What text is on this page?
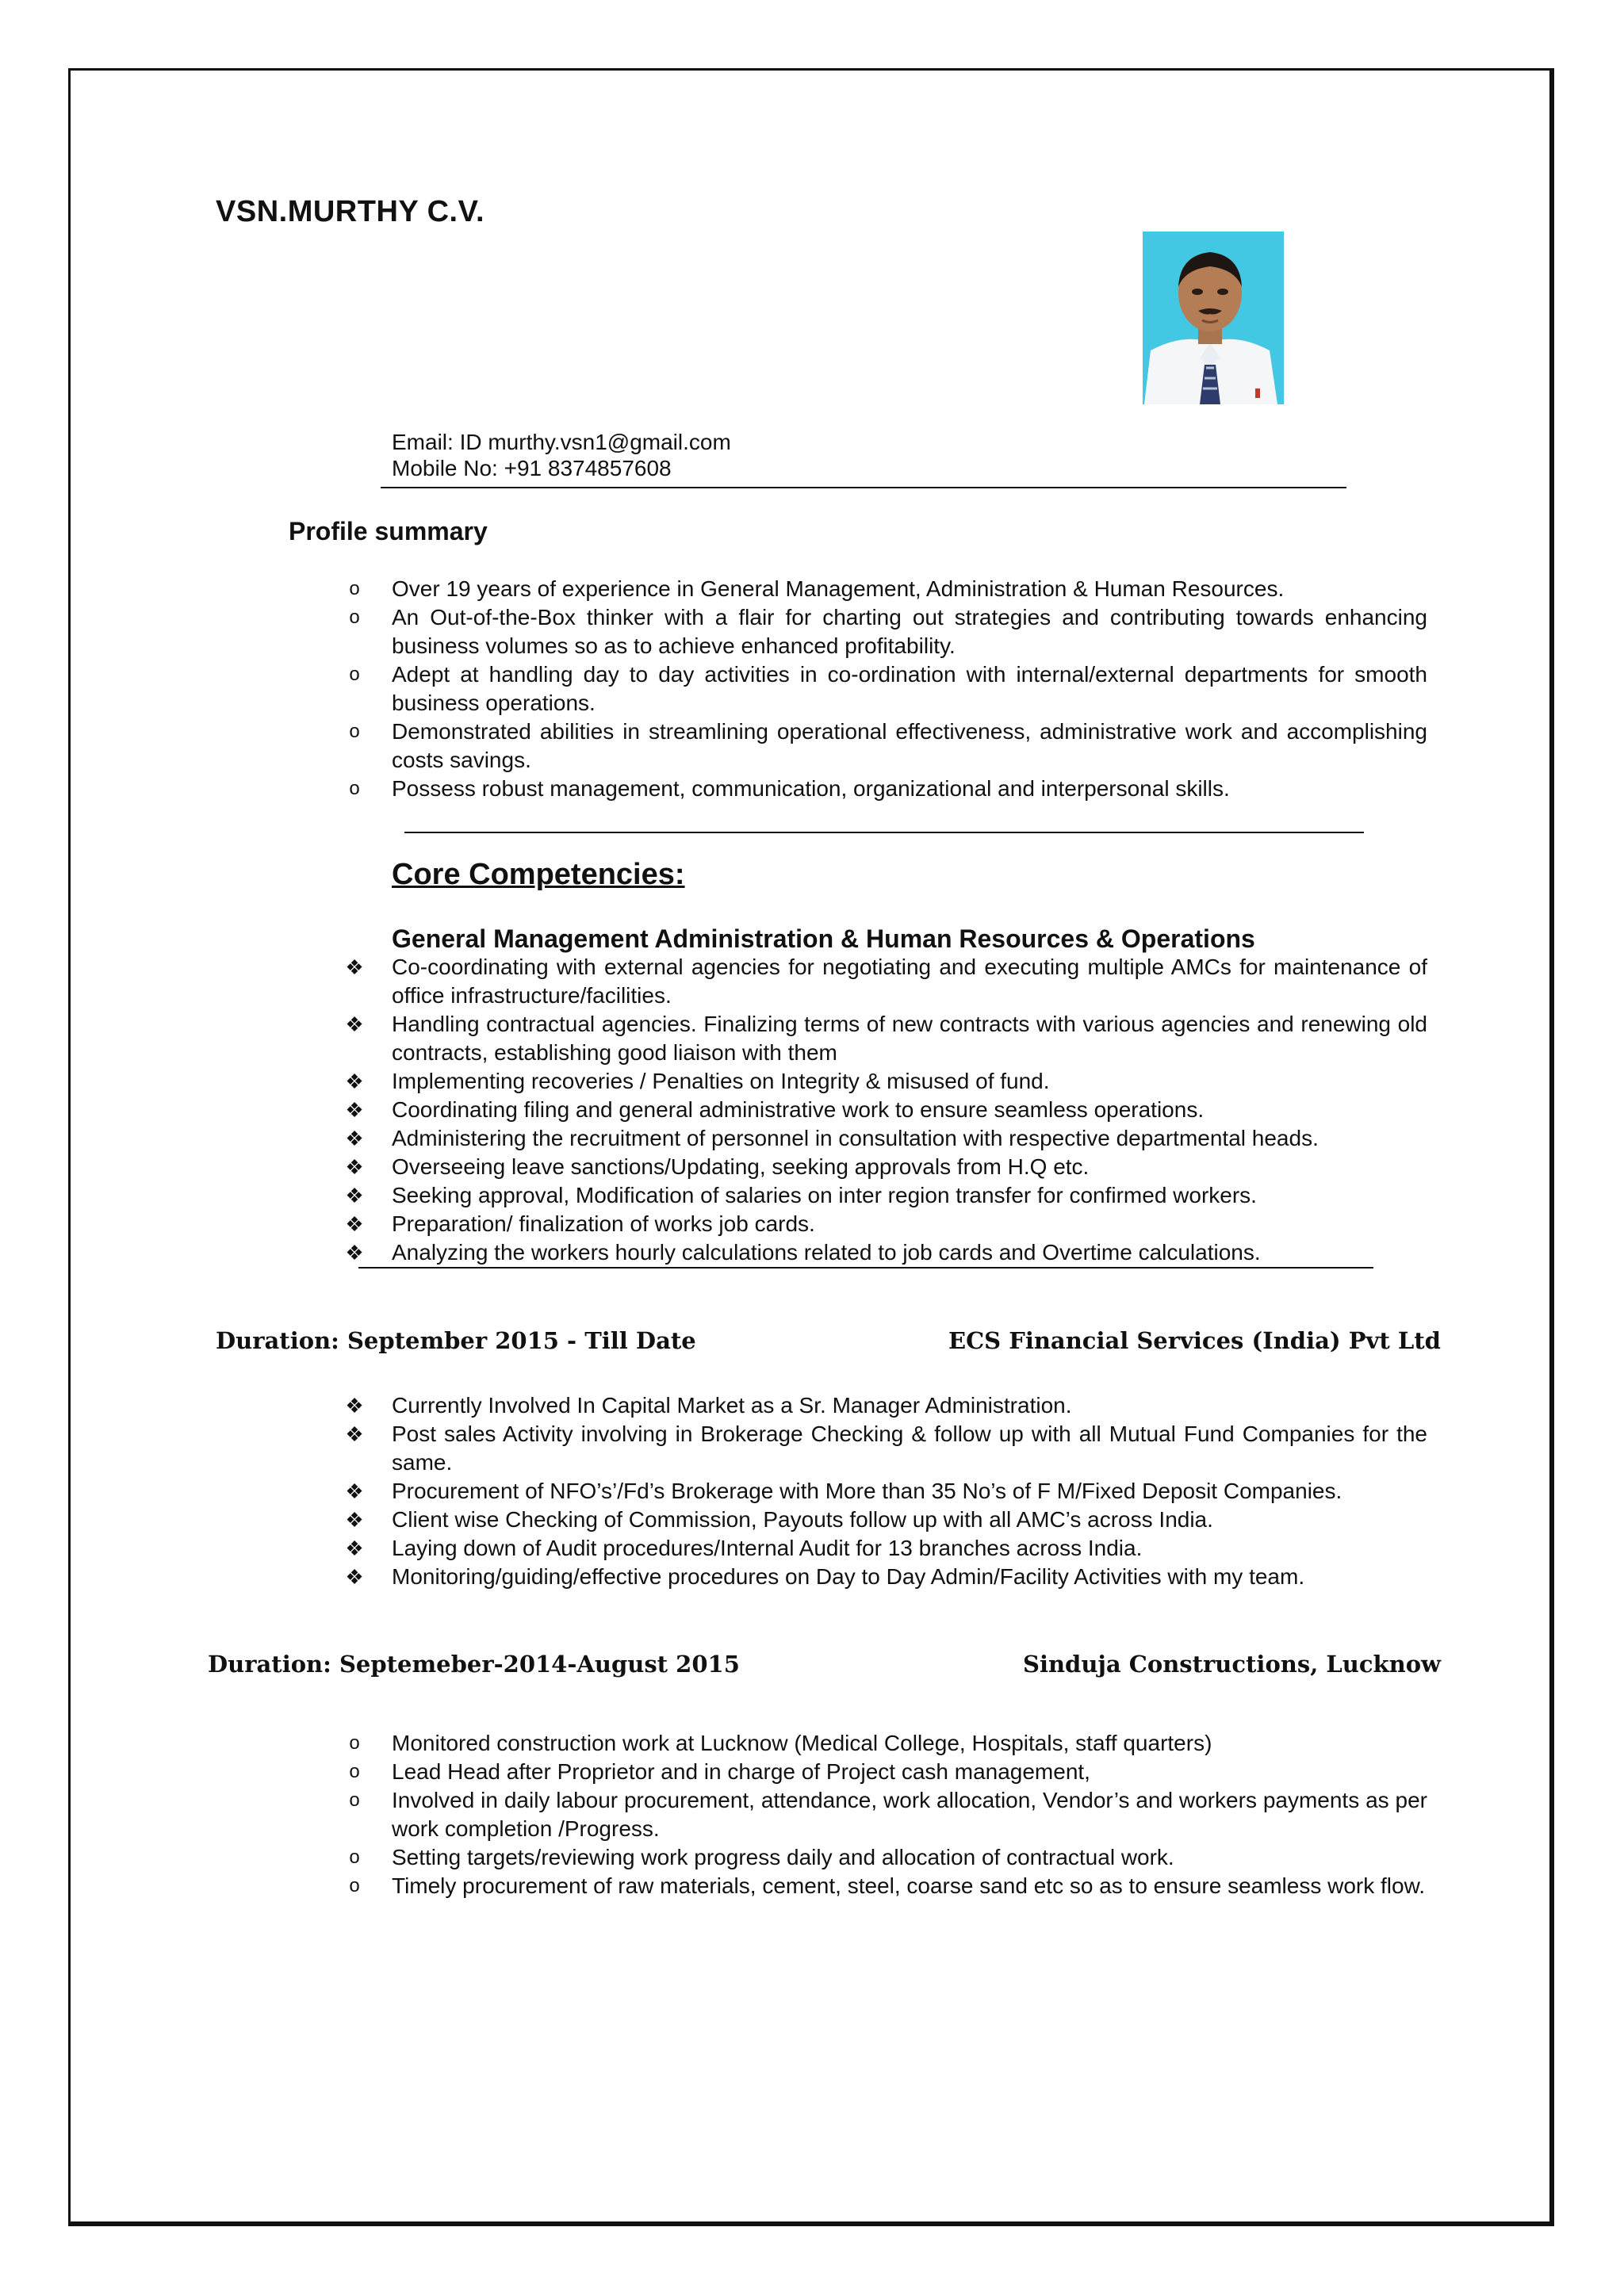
VSN.MURTHY C.V.
Email: ID murthy.vsn1@gmail.com
Mobile No: +91 8374857608
Profile summary
o Over 19 years of experience in General Management, Administration & Human Resources.
o An Out-of-the-Box thinker with a flair for charting out strategies and contributing towards enhancing business volumes so as to achieve enhanced profitability.
o Adept at handling day to day activities in co-ordination with internal/external departments for smooth business operations.
o Demonstrated abilities in streamlining operational effectiveness, administrative work and accomplishing costs savings.
o Possess robust management, communication, organizational and interpersonal skills.
Core Competencies:
General Management Administration & Human Resources & Operations
❖ Co-coordinating with external agencies for negotiating and executing multiple AMCs for maintenance of office infrastructure/facilities.
❖ Handling contractual agencies. Finalizing terms of new contracts with various agencies and renewing old contracts, establishing good liaison with them
❖ Implementing recoveries / Penalties on Integrity & misused of fund.
❖ Coordinating filing and general administrative work to ensure seamless operations.
❖ Administering the recruitment of personnel in consultation with respective departmental heads.
❖ Overseeing leave sanctions/Updating, seeking approvals from H.Q etc.
❖ Seeking approval, Modification of salaries on inter region transfer for confirmed workers.
❖ Preparation/ finalization of works job cards.
❖ Analyzing the workers hourly calculations related to job cards and Overtime calculations.
Duration: September 2015 - Till Date	ECS Financial Services (India) Pvt Ltd
❖ Currently Involved In Capital Market as a Sr. Manager Administration.
❖ Post sales Activity involving in Brokerage Checking & follow up with all Mutual Fund Companies for the same.
❖ Procurement of NFO’s’/Fd’s Brokerage with More than 35 No’s of F M/Fixed Deposit Companies.
❖ Client wise Checking of Commission, Payouts follow up with all AMC’s across India.
❖ Laying down of Audit procedures/Internal Audit for 13 branches across India.
❖ Monitoring/guiding/effective procedures on Day to Day Admin/Facility Activities with my team.
Duration: Septemeber-2014-August 2015	Sinduja Constructions, Lucknow
o Monitored construction work at Lucknow (Medical College, Hospitals, staff quarters)
o Lead Head after Proprietor and in charge of Project cash management,
o Involved in daily labour procurement, attendance, work allocation, Vendor’s and workers payments as per work completion /Progress.
o Setting targets/reviewing work progress daily and allocation of contractual work.
o Timely procurement of raw materials, cement, steel, coarse sand etc so as to ensure seamless work flow.
